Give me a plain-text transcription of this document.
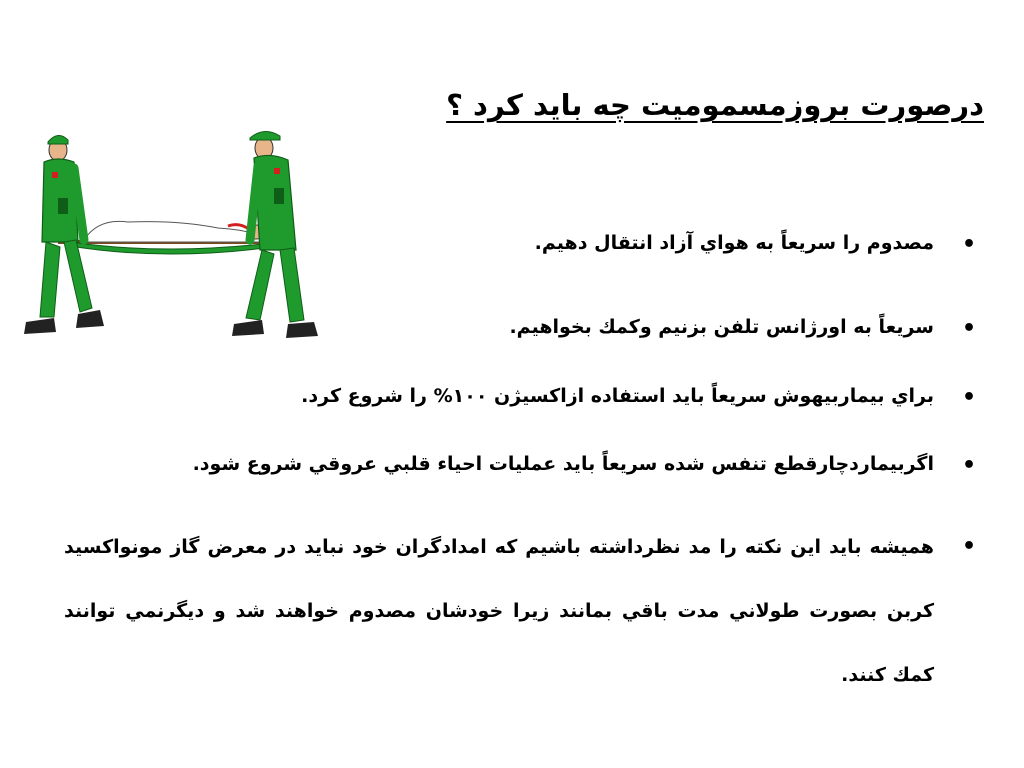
درصورت بروزمسموميت چه بايد كرد ؟
•
مصدوم را سريعاً به هواي آزاد انتقال دهيم.
•
سريعاً به اورژانس تلفن بزنيم وكمك بخواهيم.
•
براي بيماربيهوش سريعاً بايد استفاده ازاكسيژن ١٠٠% را شروع كرد.
•
اگربيماردچارقطع تنفس شده سريعاً بايد عمليات احياء قلبي عروقي شروع شود.
•
هميشه بايد اين نكته را مد نظرداشته باشيم كه امدادگران خود نبايد در معرض گاز مونواكسيد كربن بصورت طولاني مدت باقي بمانند زيرا خودشان مصدوم خواهند شد و ديگرنمي توانند كمك كنند.
